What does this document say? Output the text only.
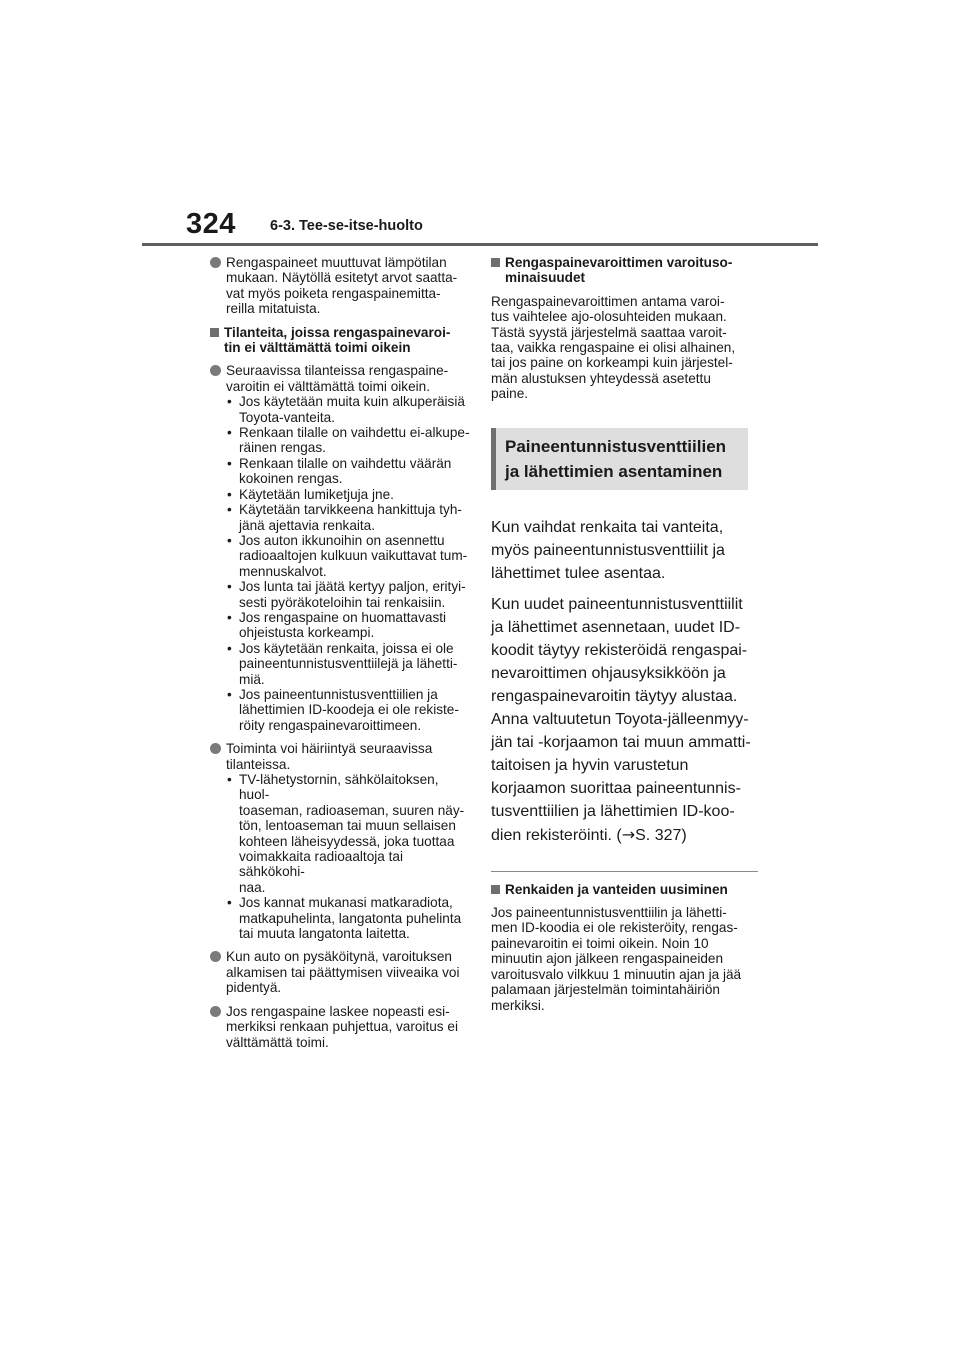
324 6-3. Tee-se-itse-huolto
Rengaspaineet muuttuvat lämpötilan
mukaan. Näytöllä esitetyt arvot saatta-
vat myös poiketa rengaspainemitta-
reilla mitatuista.
Tilanteita, joissa rengaspainevaroi-
tin ei välttämättä toimi oikein
Seuraavissa tilanteissa rengaspaine-
varoitin ei välttämättä toimi oikein.
• Jos käytetään muita kuin alkuperäisiä
Toyota-vanteita.
• Renkaan tilalle on vaihdettu ei-alkupe-
räinen rengas.
• Renkaan tilalle on vaihdettu väärän
kokoinen rengas.
• Käytetään lumiketjuja jne.
• Käytetään tarvikkeena hankittuja tyh-
jänä ajettavia renkaita.
• Jos auton ikkunoihin on asennettu
radioaaltojen kulkuun vaikuttavat tum-
mennuskalvot.
• Jos lunta tai jäätä kertyy paljon, erityi-
sesti pyöräkoteloihin tai renkaisiin.
• Jos rengaspaine on huomattavasti
ohjeistusta korkeampi.
• Jos käytetään renkaita, joissa ei ole
paineentunnistusventtiilejä ja lähetti-
miä.
• Jos paineentunnistusventtiilien ja
lähettimien ID-koodeja ei ole rekiste-
röity rengaspainevaroittimeen.
Toiminta voi häiriintyä seuraavissa
tilanteissa.
• TV-lähetystornin, sähkölaitoksen, huol-
toaseman, radioaseman, suuren näy-
tön, lentoaseman tai muun sellaisen
kohteen läheisyydessä, joka tuottaa
voimakkaita radioaaltoja tai sähkökohi-
naa.
• Jos kannat mukanasi matkaradiota,
matkapuhelinta, langatonta puhelinta
tai muuta langatonta laitetta.
Kun auto on pysäköitynä, varoituksen
alkamisen tai päättymisen viiveaika voi
pidentyä.
Jos rengaspaine laskee nopeasti esi-
merkiksi renkaan puhjettua, varoitus ei
välttämättä toimi.
Rengaspainevaroittimen varoituso-
minaisuudet

Rengaspainevaroittimen antama varoi-
tus vaihtelee ajo-olosuhteiden mukaan.
Tästä syystä järjestelmä saattaa varoit-
taa, vaikka rengaspaine ei olisi alhainen,
tai jos paine on korkeampi kuin järjestel-
män alustuksen yhteydessä asetettu
paine.

Paineentunnistusventtiilien
ja lähettimien asentaminen

Kun vaihdat renkaita tai vanteita,
myös paineentunnistusventtiilit ja
lähettimet tulee asentaa.

Kun uudet paineentunnistusventtiilit
ja lähettimet asennetaan, uudet ID-
koodit täytyy rekisteröidä rengaspai-
nevaroittimen ohjausyksikköön ja
rengaspainevaroitin täytyy alustaa.
Anna valtuutetun Toyota-jälleenmyy-
jän tai -korjaamon tai muun ammatti-
taitoisen ja hyvin varustetun
korjaamon suorittaa paineentunnis-
tusventtiilien ja lähettimien ID-koo-
dien rekisteröinti. (→S. 327)

Renkaiden ja vanteiden uusiminen

Jos paineentunnistusventtiilin ja lähetti-
men ID-koodia ei ole rekisteröity, rengas-
painevaroitin ei toimi oikein. Noin 10
minuutin ajon jälkeen rengaspaineiden
varoitusvalo vilkkuu 1 minuutin ajan ja jää
palamaan järjestelmän toimintahäiriön
merkiksi.
